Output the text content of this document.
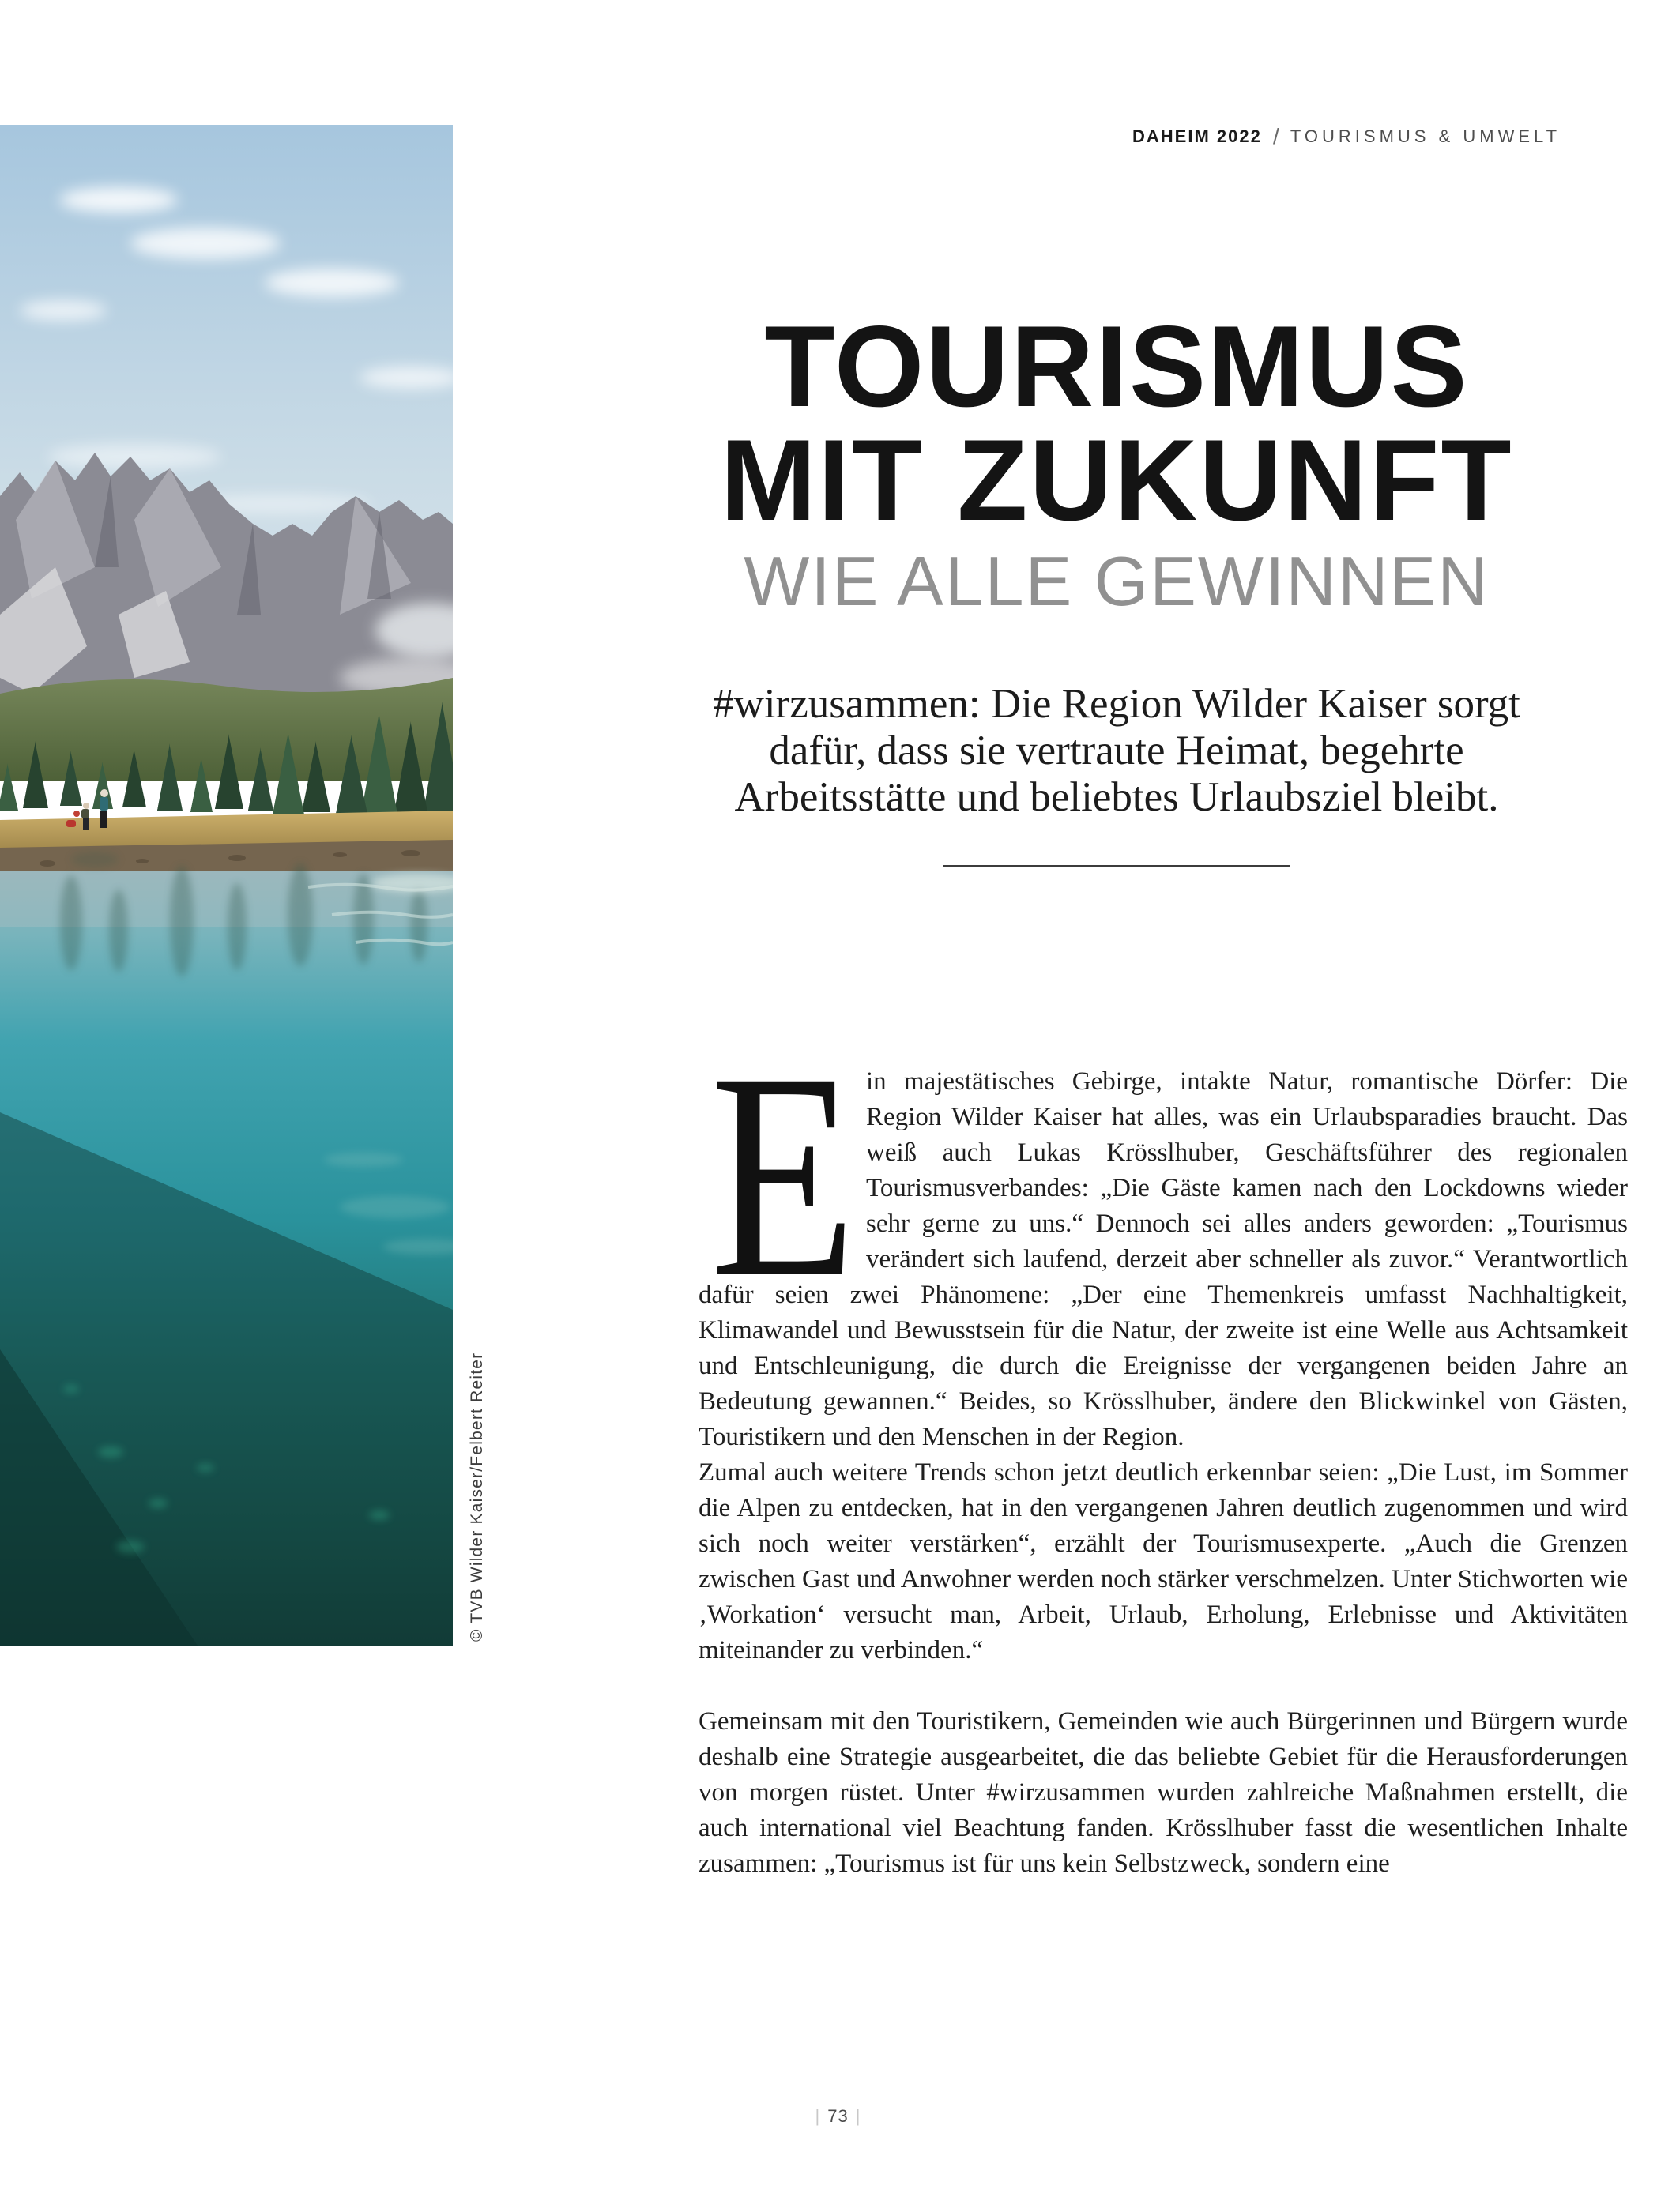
DAHEIM 2022 / TOURISMUS & UMWELT
© TVB Wilder Kaiser/Felbert Reiter
TOURISMUS
MIT ZUKUNFT
WIE ALLE GEWINNEN

#wirzusammen: Die Region Wilder Kaiser sorgt dafür, dass sie vertraute Heimat, begehrte Arbeitsstätte und beliebtes Urlaubsziel bleibt.

E in majestätisches Gebirge, intakte Natur, romantische Dörfer: Die Region Wilder Kaiser hat alles, was ein Urlaubsparadies braucht. Das weiß auch Lukas Krösslhuber, Geschäftsführer des regionalen Tourismusverbandes: „Die Gäste kamen nach den Lockdowns wieder sehr gerne zu uns.“ Dennoch sei alles anders geworden: „Tourismus verändert sich laufend, derzeit aber schneller als zuvor.“ Verantwortlich dafür seien zwei Phänomene: „Der eine Themenkreis umfasst Nachhaltigkeit, Klimawandel und Bewusstsein für die Natur, der zweite ist eine Welle aus Achtsamkeit und Entschleunigung, die durch die Ereignisse der vergangenen beiden Jahre an Bedeutung gewannen.“ Beides, so Krösslhuber, ändere den Blickwinkel von Gästen, Touristikern und den Menschen in der Region.

Zumal auch weitere Trends schon jetzt deutlich erkennbar seien: „Die Lust, im Sommer die Alpen zu entdecken, hat in den vergangenen Jahren deutlich zugenommen und wird sich noch weiter verstärken“, erzählt der Tourismusexperte. „Auch die Grenzen zwischen Gast und Anwohner werden noch stärker verschmelzen. Unter Stichworten wie ‚Workation‘ versucht man, Arbeit, Urlaub, Erholung, Erlebnisse und Aktivitäten miteinander zu verbinden.“

Gemeinsam mit den Touristikern, Gemeinden wie auch Bürgerinnen und Bürgern wurde deshalb eine Strategie ausgearbeitet, die das beliebte Gebiet für die Herausforderungen von morgen rüstet. Unter #wirzusammen wurden zahlreiche Maßnahmen erstellt, die auch international viel Beachtung fanden. Krösslhuber fasst die wesentlichen Inhalte zusammen: „Tourismus ist für uns kein Selbstzweck, sondern eine

| 73 |
